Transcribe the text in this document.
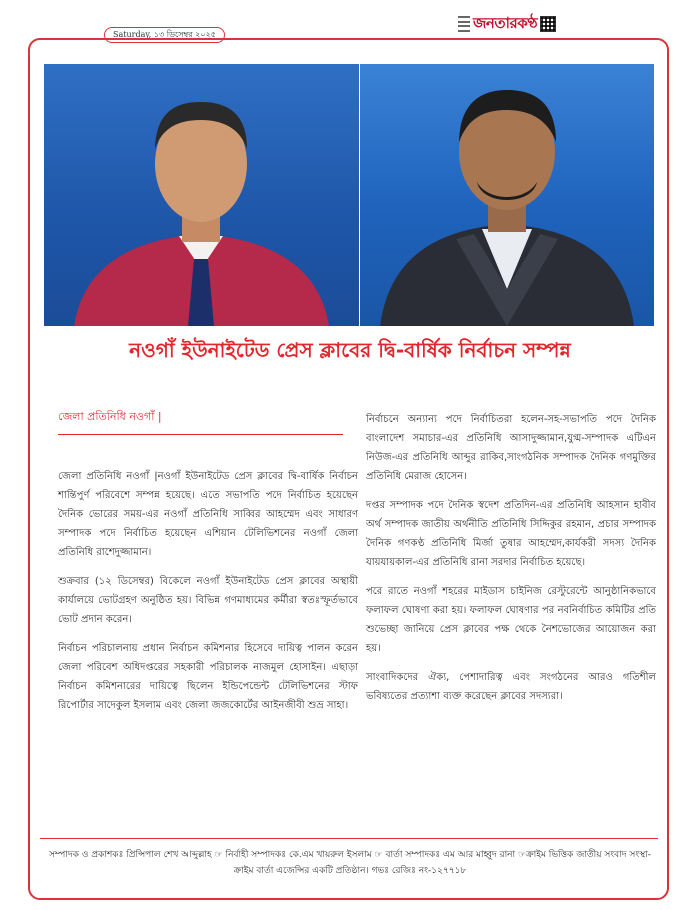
Saturday, ১৩ ডিসেম্বর ২০২৫
জনতারকণ্ঠ
নওগাঁ ইউনাইটেড প্রেস ক্লাবের দ্বি-বার্ষিক নির্বাচন সম্পন্ন
জেলা প্রতিনিধি নওগাঁ |

জেলা প্রতিনিধি নওগাঁ |নওগাঁ ইউনাইটেড প্রেস ক্লাবের দ্বি-বার্ষিক নির্বাচন শান্তিপুর্ণ পরিবেশে সম্পন্ন হয়েছে। এতে সভাপতি পদে নির্বাচিত হয়েছেন দৈনিক ভোরের সময়-এর নওগাঁ প্রতিনিধি সাব্বির আহম্মেদ এবং সাধারণ সম্পাদক পদে নির্বাচিত হয়েছেন এশিয়ান টেলিভিশনের নওগাঁ জেলা প্রতিনিধি রাশেদুজ্জামান।

শুক্রবার (১২ ডিসেম্বর) বিকেলে নওগাঁ ইউনাইটেড প্রেস ক্লাবের অস্থায়ী কার্যালয়ে ভোটগ্রহণ অনুষ্ঠিত হয়। বিভিন্ন গণমাধ্যমের কর্মীরা স্বতঃস্ফূর্তভাবে ভোট প্রদান করেন।

নির্বাচন পরিচালনায় প্রধান নির্বাচন কমিশনার হিসেবে দায়িত্ব পালন করেন জেলা পরিবেশ অধিদপ্তরের সহকারী পরিচালক নাজমুল হোসাইন। এছাড়া নির্বাচন কমিশনারের দায়িত্বে ছিলেন ইন্ডিপেন্ডেন্ট টেলিভিশনের স্টাফ রিপোর্টার সাদেকুল ইসলাম এবং জেলা জজকোর্টের আইনজীবী শুভ্র সাহা।

নির্বাচনে অন্যান্য পদে নির্বাচিতরা হলেন-সহ-সভাপতি পদে দৈনিক বাংলাদেশ সমাচার-এর প্রতিনিধি আসাদুজ্জামান,যুগ্ম-সম্পাদক এটিএন নিউজ-এর প্রতিনিধি আব্দুর রাকিব,সাংগঠনিক সম্পাদক দৈনিক গণমুক্তির প্রতিনিধি মেরাজ হোসেন।

দপ্তর সম্পাদক পদে দৈনিক স্বদেশ প্রতিদিন-এর প্রতিনিধি আহসান হাবীব অর্থ সম্পাদক জাতীয় অর্থনীতি প্রতিনিধি সিদ্দিকুর রহমান, প্রচার সম্পাদক দৈনিক গণকণ্ঠ প্রতিনিধি মির্জা তুষার আহম্মেদ,কার্যকরী সদস্য দৈনিক যায়যায়কাল-এর প্রতিনিধি রানা সরদার নির্বাচিত হয়েছে।

পরে রাতে নওগাঁ শহরের মাইডাস চাইনিজ রেস্টুরেন্টে আনুষ্ঠানিকভাবে ফলাফল ঘোষণা করা হয়। ফলাফল ঘোষণার পর নবনির্বাচিত কমিটির প্রতি শুভেচ্ছা জানিয়ে প্রেস ক্লাবের পক্ষ থেকে নৈশভোজের আয়োজন করা হয়।

সাংবাদিকদের ঐক্য, পেশাদারিত্ব এবং সংগঠনের আরও গতিশীল ভবিষ্যতের প্রত্যাশা ব্যক্ত করেছেন ক্লাবের সদস্যরা।

সম্পাদক ও প্রকাশকঃ প্রিন্সিপাল শেখ আব্দুল্লাহ ☞ নির্বাহী সম্পাদকঃ কে.এম খায়রুল ইসলাম ☞ বার্তা সম্পাদকঃ এম আর মাহ্বুদ রানা ☞ক্রাইম ভিত্তিক জাতীয় সংবাদ সংস্থা- ক্রাইম বার্তা এজেন্সির একটি প্রতিষ্ঠান। গভঃ রেজিঃ নং-১২৭৭১৮
